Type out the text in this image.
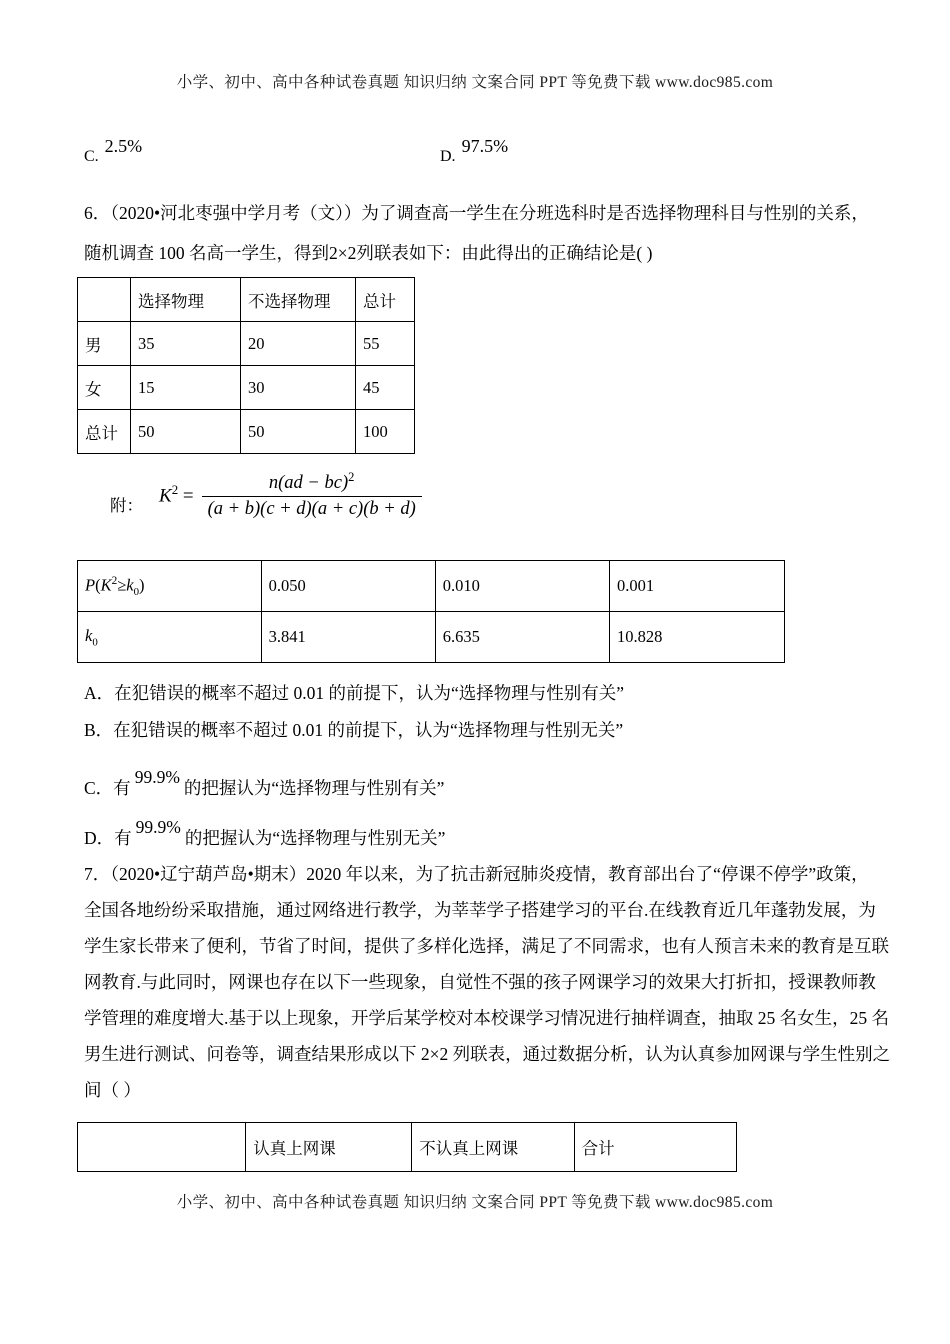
小学、初中、高中各种试卷真题 知识归纳 文案合同 PPT 等免费下载 www.doc985.com
C.2.5%
D.97.5%
6．（2020•河北枣强中学月考（文））为了调查高一学生在分班选科时是否选择物理科目与性别的关系，
随机调查 100 名高一学生，得到2×2列联表如下：由此得出的正确结论是( )
	选择物理	不选择物理	总计
男	35	20	55
女	15	30	45
总计	50	50	100
附： $K^2 = \frac{n(ad - bc)^2}{(a + b)(c + d)(a + c)(b + d)}$
$P(K^2\ge k_0)$	0.050	0.010	0.001
$k_0$	3.841	6.635	10.828
A．在犯错误的概率不超过 0.01 的前提下，认为“选择物理与性别有关”
B．在犯错误的概率不超过 0.01 的前提下，认为“选择物理与性别无关”
C．有99.9%的把握认为“选择物理与性别有关”
D．有99.9%的把握认为“选择物理与性别无关”
7．（2020•辽宁葫芦岛•期末）2020 年以来，为了抗击新冠肺炎疫情，教育部出台了“停课不停学”政策，
全国各地纷纷采取措施，通过网络进行教学，为莘莘学子搭建学习的平台.在线教育近几年蓬勃发展，为
学生家长带来了便利，节省了时间，提供了多样化选择，满足了不同需求，也有人预言未来的教育是互联
网教育.与此同时，网课也存在以下一些现象，自觉性不强的孩子网课学习的效果大打折扣，授课教师教
学管理的难度增大.基于以上现象，开学后某学校对本校课学习情况进行抽样调查，抽取 25 名女生，25 名
男生进行测试、问卷等，调查结果形成以下 2×2 列联表，通过数据分析，认为认真参加网课与学生性别之
间（ ）
	认真上网课	不认真上网课	合计
小学、初中、高中各种试卷真题 知识归纳 文案合同 PPT 等免费下载 www.doc985.com
